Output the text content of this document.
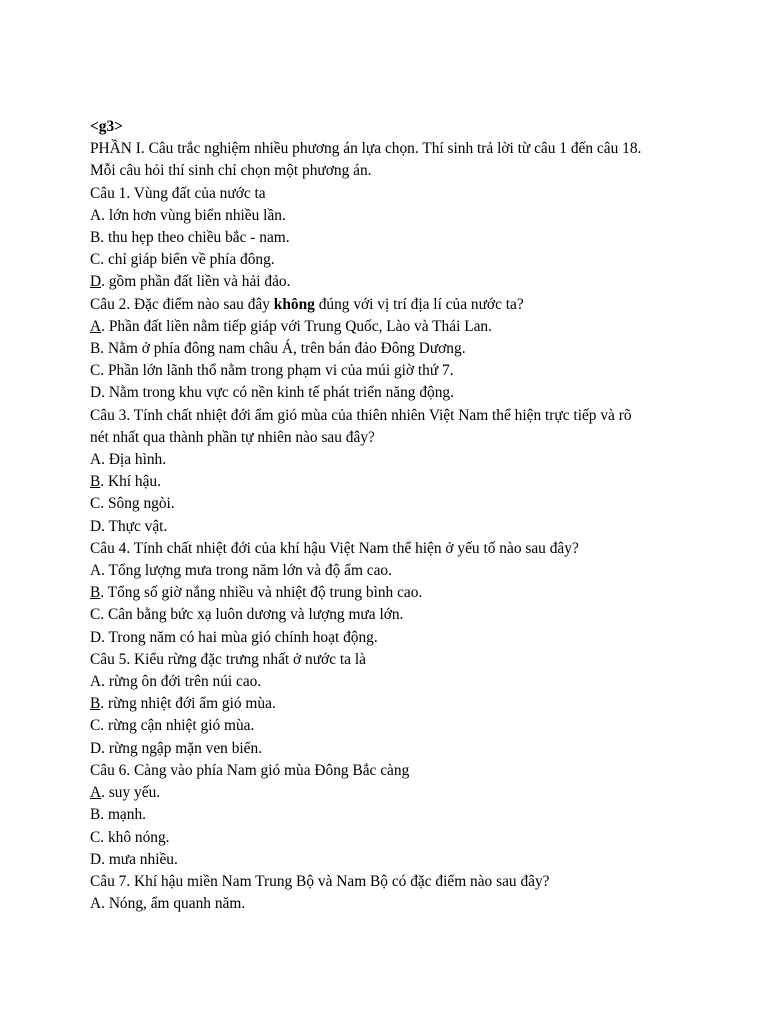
<g3>
PHẦN I. Câu trắc nghiệm nhiều phương án lựa chọn. Thí sinh trả lời từ câu 1 đến câu 18.
Mỗi câu hỏi thí sinh chỉ chọn một phương án.
Câu 1. Vùng đất của nước ta
A. lớn hơn vùng biển nhiều lần.
B. thu hẹp theo chiều bắc - nam.
C. chỉ giáp biển về phía đông.
D. gồm phần đất liền và hải đảo.
Câu 2. Đặc điểm nào sau đây không đúng với vị trí địa lí của nước ta?
A. Phần đất liền nằm tiếp giáp với Trung Quốc, Lào và Thái Lan.
B. Nằm ở phía đông nam châu Á, trên bán đảo Đông Dương.
C. Phần lớn lãnh thổ nằm trong phạm vi của múi giờ thứ 7.
D. Nằm trong khu vực có nền kinh tế phát triển năng động.
Câu 3. Tính chất nhiệt đới ẩm gió mùa của thiên nhiên Việt Nam thể hiện trực tiếp và rõ
nét nhất qua thành phần tự nhiên nào sau đây?
A. Địa hình.
B. Khí hậu.
C. Sông ngòi.
D. Thực vật.
Câu 4. Tính chất nhiệt đới của khí hậu Việt Nam thể hiện ở yếu tố nào sau đây?
A. Tổng lượng mưa trong năm lớn và độ ẩm cao.
B. Tổng số giờ nắng nhiều và nhiệt độ trung bình cao.
C. Cân bằng bức xạ luôn dương và lượng mưa lớn.
D. Trong năm có hai mùa gió chính hoạt động.
Câu 5. Kiểu rừng đặc trưng nhất ở nước ta là
A. rừng ôn đới trên núi cao.
B. rừng nhiệt đới ẩm gió mùa.
C. rừng cận nhiệt gió mùa.
D. rừng ngập mặn ven biển.
Câu 6. Càng vào phía Nam gió mùa Đông Bắc càng
A. suy yếu.
B. mạnh.
C. khô nóng.
D. mưa nhiều.
Câu 7. Khí hậu miền Nam Trung Bộ và Nam Bộ có đặc điểm nào sau đây?
A. Nóng, ẩm quanh năm.
